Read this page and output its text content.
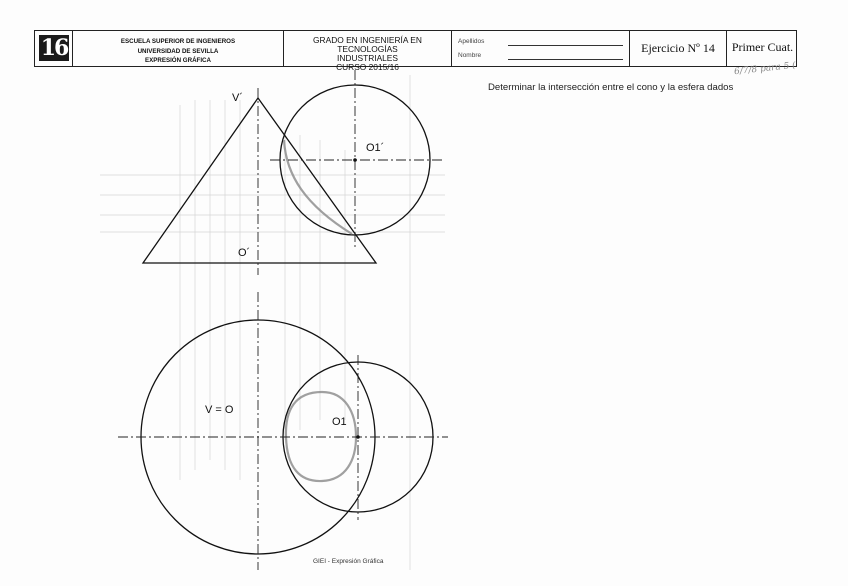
16	ESCUELA SUPERIOR DE INGENIEROS
UNIVERSIDAD DE SEVILLA
EXPRESIÓN GRÁFICA
GRADO EN INGENIERÍA EN TECNOLOGÍAS
INDUSTRIALES
CURSO 2015/16
Apellidos
Nombre
Ejercicio Nº 14	Primer Cuat.
Determinar la intersección entre el cono y la esfera dados
6/7/8 para 5 (
V´
O1´
O´
V = O
O1
GIEI - Expresión Gráfica
